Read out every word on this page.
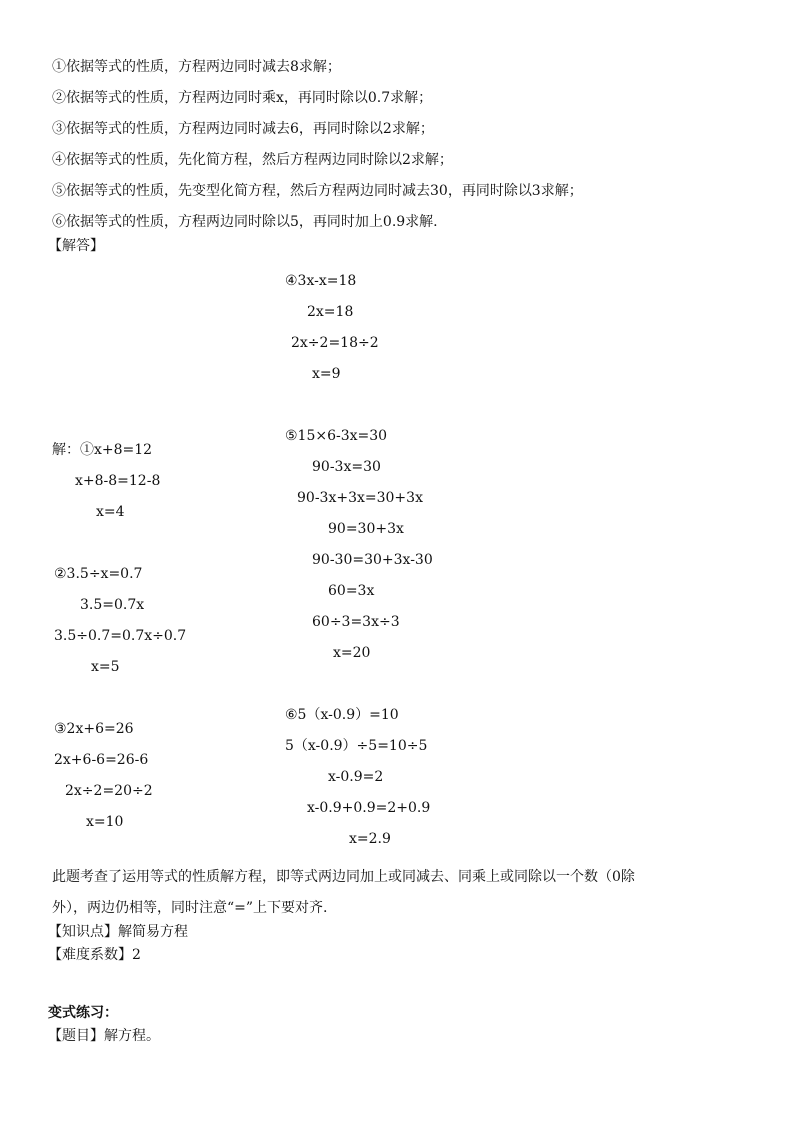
①依据等式的性质，方程两边同时减去8求解；
②依据等式的性质，方程两边同时乘x，再同时除以0.7求解；
③依据等式的性质，方程两边同时减去6，再同时除以2求解；
④依据等式的性质，先化简方程，然后方程两边同时除以2求解；
⑤依据等式的性质，先变型化简方程，然后方程两边同时减去30，再同时除以3求解；
⑥依据等式的性质，方程两边同时除以5，再同时加上0.9求解.
【解答】
④3x-x=18
2x=18
2x÷2=18÷2
x=9
解：①x+8=12
x+8-8=12-8
x=4
⑤15×6-3x=30
90-3x=30
90-3x+3x=30+3x
90=30+3x
90-30=30+3x-30
60=3x
60÷3=3x÷3
x=20
②3.5÷x=0.7
3.5=0.7x
3.5÷0.7=0.7x÷0.7
x=5
⑥5（x-0.9）=10
5（x-0.9）÷5=10÷5
x-0.9=2
x-0.9+0.9=2+0.9
x=2.9
③2x+6=26
2x+6-6=26-6
2x÷2=20÷2
x=10
此题考查了运用等式的性质解方程，即等式两边同加上或同减去、同乘上或同除以一个数（0除
外），两边仍相等，同时注意“=”上下要对齐.
【知识点】解简易方程
【难度系数】2
变式练习：
【题目】解方程。
